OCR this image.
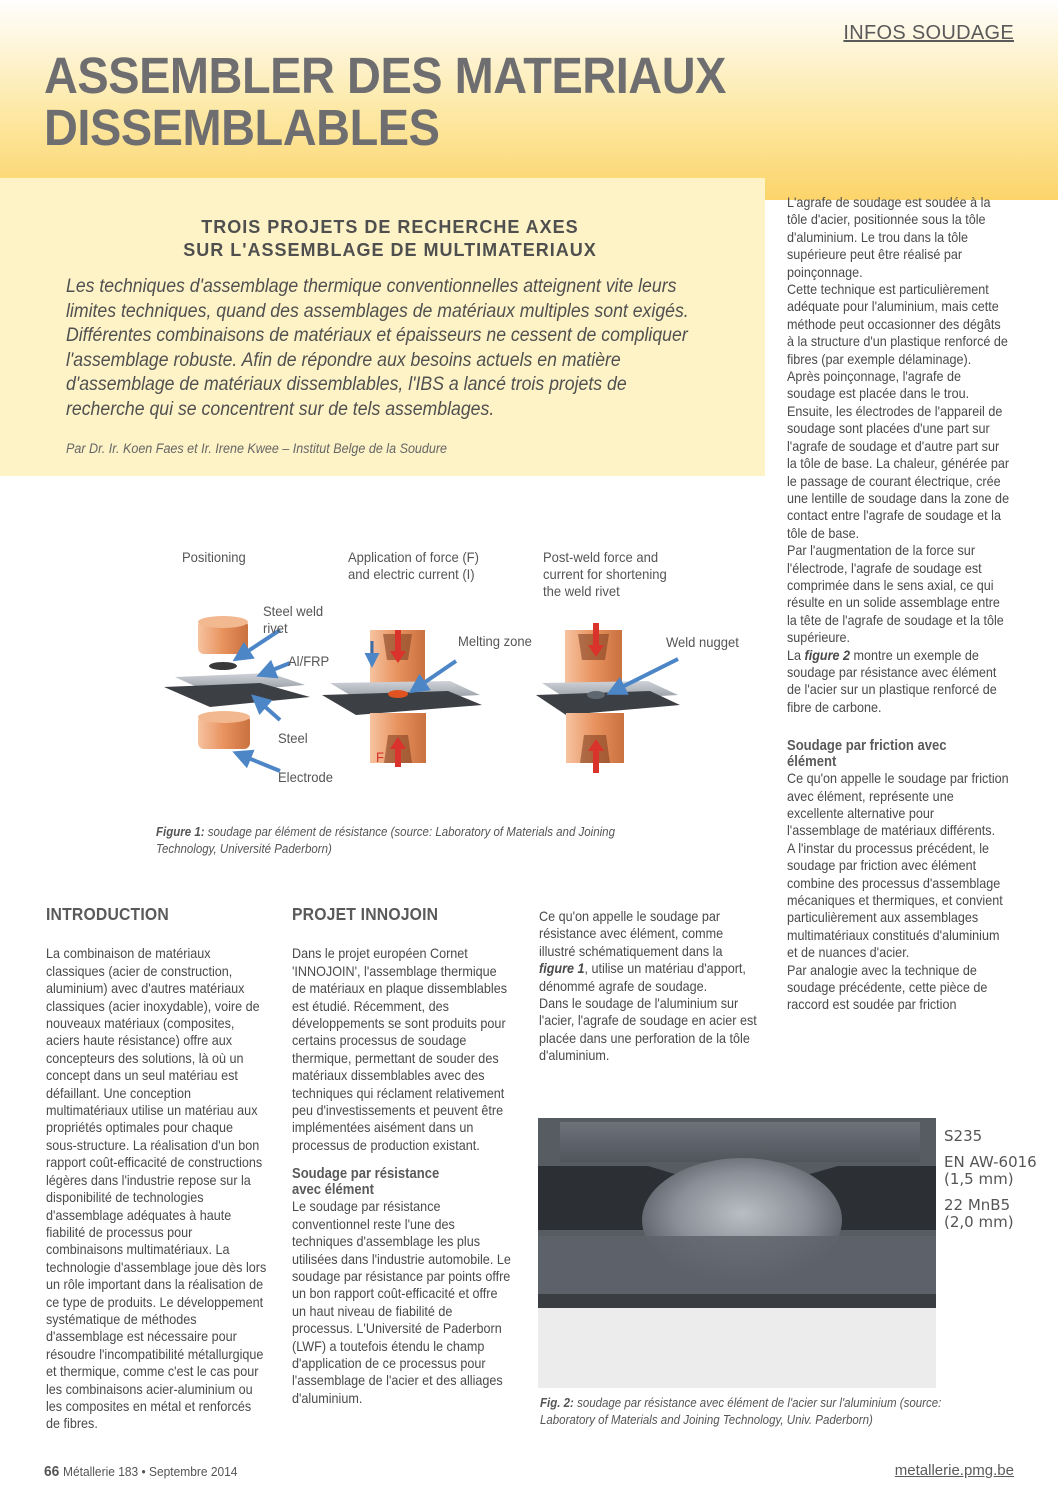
INFOS SOUDAGE
ASSEMBLER DES MATERIAUX
DISSEMBLABLES
TROIS PROJETS DE RECHERCHE AXES
SUR L'ASSEMBLAGE DE MULTIMATERIAUX
Les techniques d'assemblage thermique conventionnelles atteignent vite leurs limites techniques, quand des assemblages de matériaux multiples sont exigés. Différentes combinaisons de matériaux et épaisseurs ne cessent de compliquer l'assemblage robuste. Afin de répondre aux besoins actuels en matière d'assemblage de matériaux dissemblables, l'IBS a lancé trois projets de recherche qui se concentrent sur de tels assemblages.
Par Dr. Ir. Koen Faes et Ir. Irene Kwee – Institut Belge de la Soudure
Positioning	Application of force (F)
and electric current (I)
Post-weld force and
current for shortening
the weld rivet
Steel weld
rivet
Al/FRP
Steel
Electrode
Melting zone	Weld nugget
F
Figure 1: soudage par élément de résistance (source: Laboratory of Materials and Joining Technology, Université Paderborn)
INTRODUCTION

La combinaison de matériaux classiques (acier de construction, aluminium) avec d'autres matériaux classiques (acier inoxydable), voire de nouveaux matériaux (composites, aciers haute résistance) offre aux concepteurs des solutions, là où un concept dans un seul matériau est défaillant. Une conception multimatériaux utilise un matériau aux propriétés optimales pour chaque sous-structure. La réalisation d'un bon rapport coût-efficacité de constructions légères dans l'industrie repose sur la disponibilité de technologies d'assemblage adéquates à haute fiabilité de processus pour combinaisons multimatériaux. La technologie d'assemblage joue dès lors un rôle important dans la réalisation de ce type de produits. Le développement systématique de méthodes d'assemblage est nécessaire pour résoudre l'incompatibilité métallurgique et thermique, comme c'est le cas pour les combinaisons acier-aluminium ou les composites en métal et renforcés de fibres.

PROJET INNOJOIN

Dans le projet européen Cornet 'INNOJOIN', l'assemblage thermique de matériaux en plaque dissemblables est étudié. Récemment, des développements se sont produits pour certains processus de soudage thermique, permettant de souder des matériaux dissemblables avec des techniques qui réclament relativement peu d'investissements et peuvent être implémentées aisément dans un processus de production existant.

Soudage par résistance avec élément

Le soudage par résistance conventionnel reste l'une des techniques d'assemblage les plus utilisées dans l'industrie automobile. Le soudage par résistance par points offre un bon rapport coût-efficacité et offre un haut niveau de fiabilité de processus. L'Université de Paderborn (LWF) a toutefois étendu le champ d'application de ce processus pour l'assemblage de l'acier et des alliages d'aluminium.

Ce qu'on appelle le soudage par résistance avec élément, comme illustré schématiquement dans la figure 1, utilise un matériau d'apport, dénommé agrafe de soudage.

Dans le soudage de l'aluminium sur l'acier, l'agrafe de soudage en acier est placée dans une perforation de la tôle d'aluminium.

L'agrafe de soudage est soudée à la tôle d'acier, positionnée sous la tôle d'aluminium. Le trou dans la tôle supérieure peut être réalisé par poinçonnage.

Cette technique est particulièrement adéquate pour l'aluminium, mais cette méthode peut occasionner des dégâts à la structure d'un plastique renforcé de fibres (par exemple délaminage).

Après poinçonnage, l'agrafe de soudage est placée dans le trou. Ensuite, les électrodes de l'appareil de soudage sont placées d'une part sur l'agrafe de soudage et d'autre part sur la tôle de base. La chaleur, générée par le passage de courant électrique, crée une lentille de soudage dans la zone de contact entre l'agrafe de soudage et la tôle de base.

Par l'augmentation de la force sur l'électrode, l'agrafe de soudage est comprimée dans le sens axial, ce qui résulte en un solide assemblage entre la tête de l'agrafe de soudage et la tôle supérieure.

La figure 2 montre un exemple de soudage par résistance avec élément de l'acier sur un plastique renforcé de fibre de carbone.

Soudage par friction avec élément

Ce qu'on appelle le soudage par friction avec élément, représente une excellente alternative pour l'assemblage de matériaux différents.

A l'instar du processus précédent, le soudage par friction avec élément combine des processus d'assemblage mécaniques et thermiques, et convient particulièrement aux assemblages multimatériaux constitués d'aluminium et de nuances d'acier.

Par analogie avec la technique de soudage précédente, cette pièce de raccord est soudée par friction

S235
EN AW-6016
(1,5 mm)
22 MnB5
(2,0 mm)
Fig. 2: soudage par résistance avec élément de l'acier sur l'aluminium (source: Laboratory of Materials and Joining Technology, Univ. Paderborn)
66 Métallerie 183 • Septembre 2014	metallerie.pmg.be
